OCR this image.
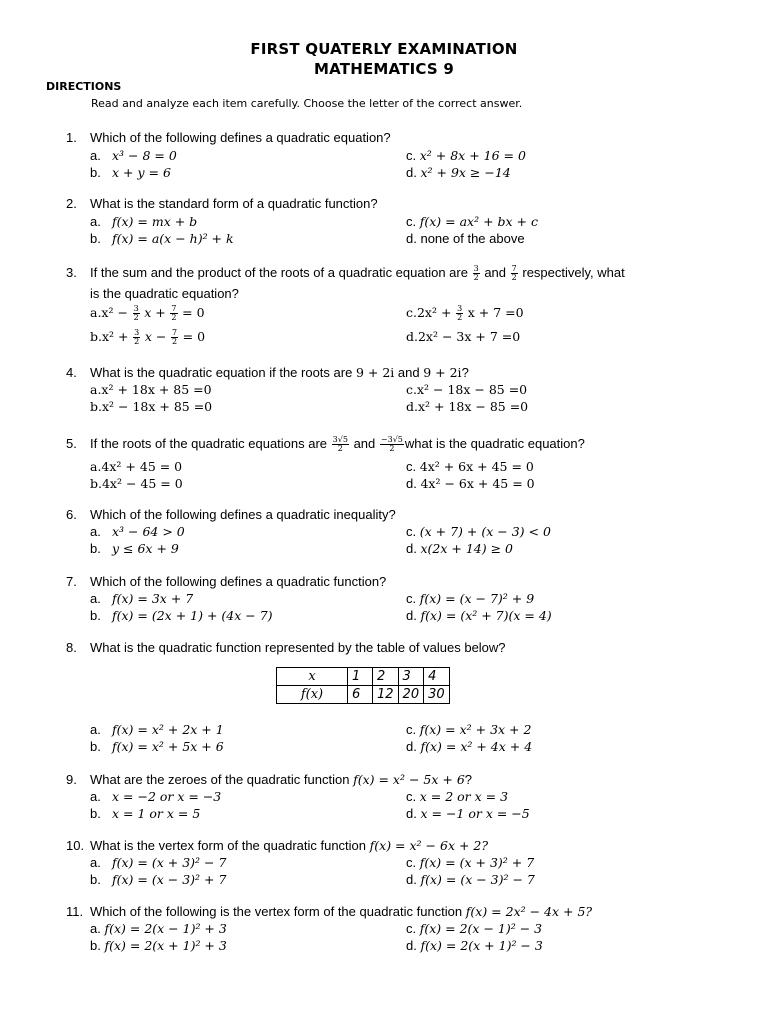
FIRST QUATERLY EXAMINATION
MATHEMATICS 9
DIRECTIONS
Read and analyze each item carefully. Choose the letter of the correct answer.
1. Which of the following defines a quadratic equation?
a. x³ − 8 = 0
b. x + y = 6
c. x² + 8x + 16 = 0
d. x² + 9x ≥ −14
2. What is the standard form of a quadratic function?
a. f(x) = mx + b
b. f(x) = a(x − h)² + k
c. f(x) = ax² + bx + c
d. none of the above
3. If the sum and the product of the roots of a quadratic equation are $\frac{3}{2}$ and $\frac{7}{2}$ respectively, what
is the quadratic equation?
$a.x^2 - \frac{3}{2}$ $x + \frac{7}{2} = 0$
$b.x^2 + \frac{3}{2}$ $x - \frac{7}{2} = 0$
$c.2x^2 + \frac{3}{2}$ x + 7 =0
d.2x² − 3x + 7 =0
4. What is the quadratic equation if the roots are 9 + 2i and 9 + 2i?
a.x² + 18x + 85 =0
b.x² − 18x + 85 =0
c.x² − 18x − 85 =0
d.x² + 18x − 85 =0
5. If the roots of the quadratic equations are $\frac{3√5}{2}$ and $\frac{-3√5}{2}$ what is the quadratic equation?
a.4x² + 45 = 0
b.4x² − 45 = 0
c. 4x² + 6x + 45 = 0
d. 4x² − 6x + 45 = 0
6. Which of the following defines a quadratic inequality?
a. x³ − 64 > 0
b. y ≤ 6x + 9
c. (x + 7) + (x − 3) < 0
d. x(2x + 14) ≥ 0
7. Which of the following defines a quadratic function?
a. f(x) = 3x + 7
b. f(x) = (2x + 1) + (4x − 7)
c. f(x) = (x − 7)² + 9
d. f(x) = (x² + 7)(x = 4)
8. What is the quadratic function represented by the table of values below?
x	1	2	3	4
f(x)	6	12	20	30
a. f(x) = x² + 2x + 1
b. f(x) = x² + 5x + 6
c. f(x) = x² + 3x + 2
d. f(x) = x² + 4x + 4
9. What are the zeroes of the quadratic function f(x) = x² − 5x + 6?
a. x = −2 or x = −3
b. x = 1 or x = 5
c. x = 2 or x = 3
d. x = −1 or x = −5
10. What is the vertex form of the quadratic function f(x) = x² − 6x + 2?
a. f(x) = (x + 3)² − 7
b. f(x) = (x − 3)² + 7
c. f(x) = (x + 3)² + 7
d. f(x) = (x − 3)² − 7
11. Which of the following is the vertex form of the quadratic function f(x) = 2x² − 4x + 5?
a. f(x) = 2(x − 1)² + 3
b. f(x) = 2(x + 1)² + 3
c. f(x) = 2(x − 1)² − 3
d. f(x) = 2(x + 1)² − 3
